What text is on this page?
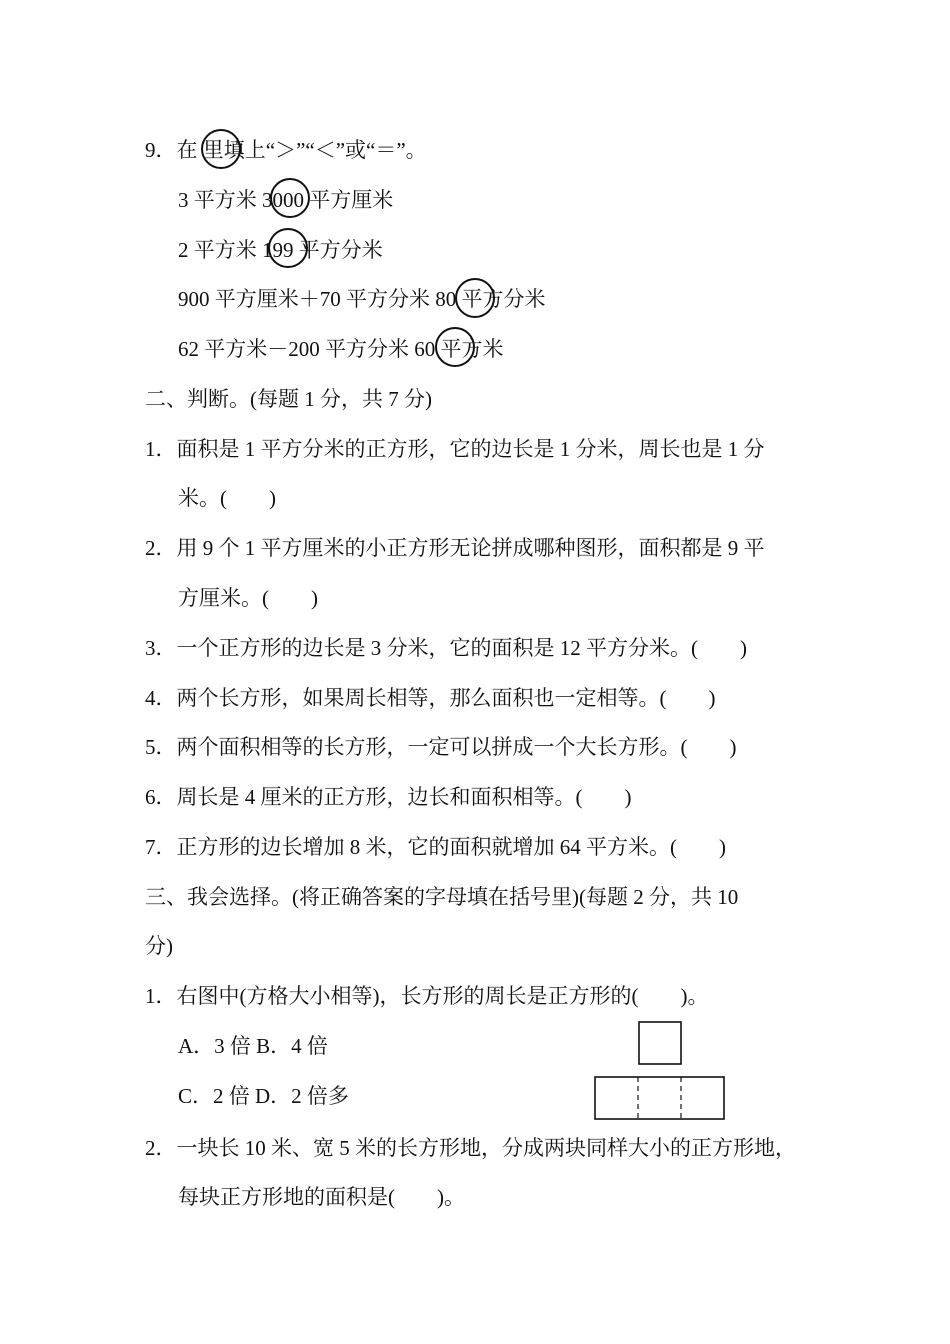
9．在 里填上“＞”“＜”或“＝”。
3 平方米 3000 平方厘米
2 平方米 199 平方分米
900 平方厘米＋70 平方分米 80 平方分米
62 平方米－200 平方分米 60 平方米
二、判断。(每题 1 分，共 7 分)
1．面积是 1 平方分米的正方形，它的边长是 1 分米，周长也是 1 分
米。(　　)
2．用 9 个 1 平方厘米的小正方形无论拼成哪种图形，面积都是 9 平
方厘米。(　　)
3．一个正方形的边长是 3 分米，它的面积是 12 平方分米。(　　)
4．两个长方形，如果周长相等，那么面积也一定相等。(　　)
5．两个面积相等的长方形，一定可以拼成一个大长方形。(　　)
6．周长是 4 厘米的正方形，边长和面积相等。(　　)
7．正方形的边长增加 8 米，它的面积就增加 64 平方米。(　　)
三、我会选择。(将正确答案的字母填在括号里)(每题 2 分，共 10
分)
1．右图中(方格大小相等)，长方形的周长是正方形的(　　)。
A．3 倍 B．4 倍
C．2 倍 D．2 倍多
2．一块长 10 米、宽 5 米的长方形地，分成两块同样大小的正方形地，
每块正方形地的面积是(　　)。
